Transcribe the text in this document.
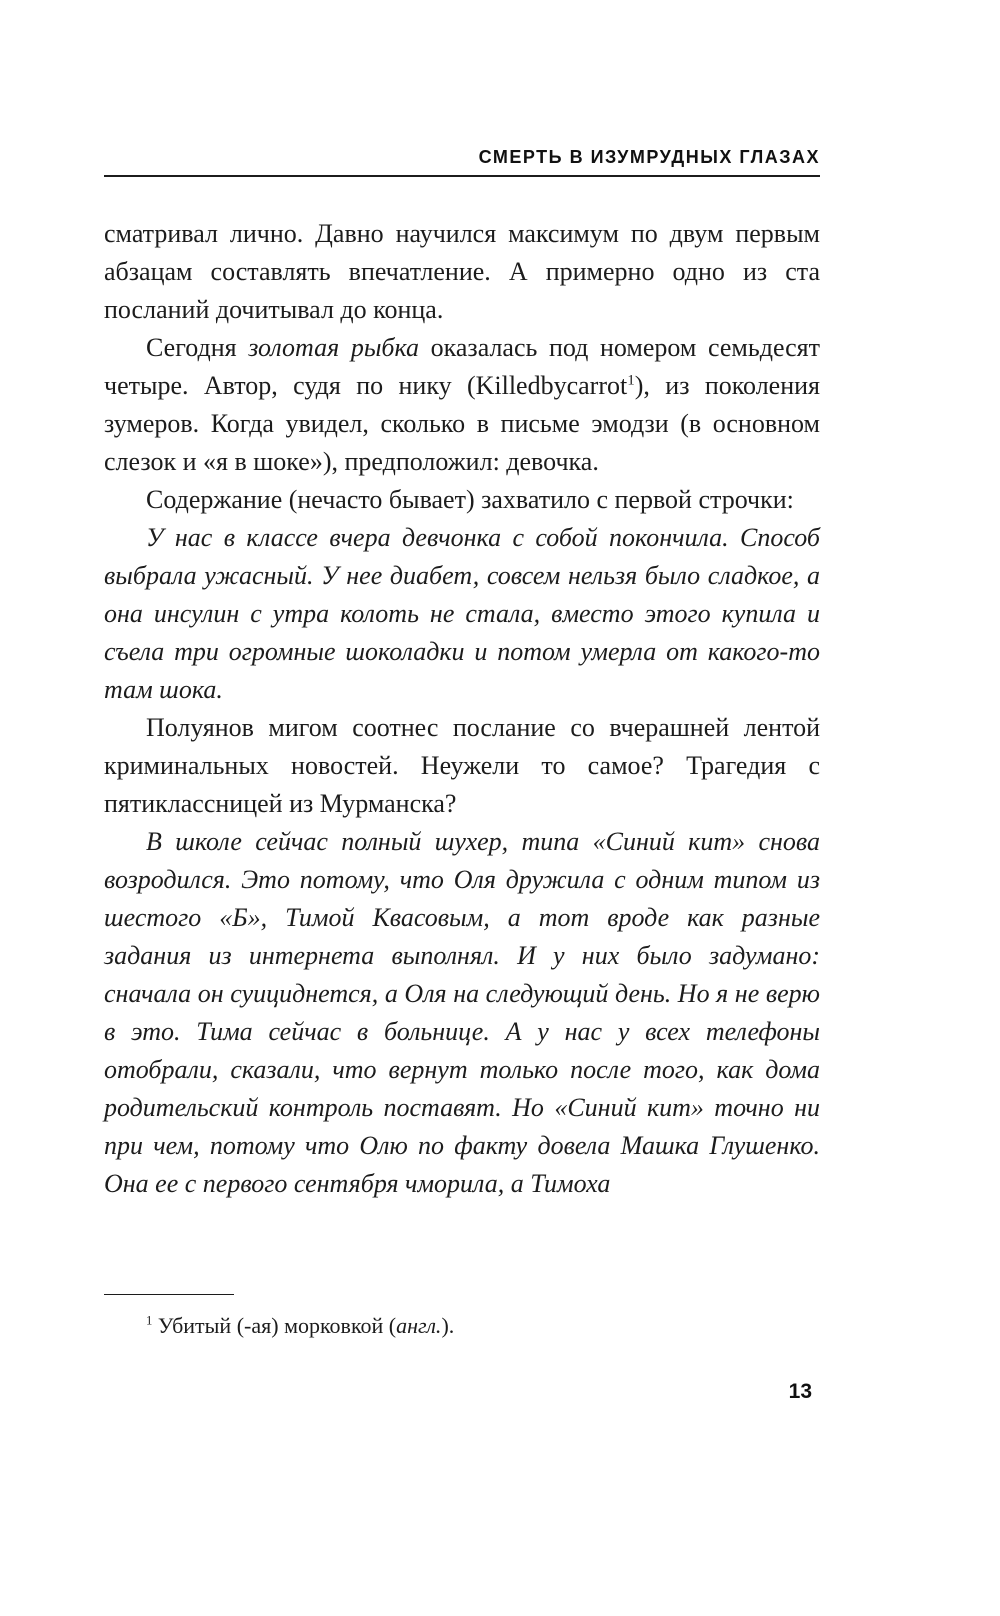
СМЕРТЬ В ИЗУМРУДНЫХ ГЛАЗАХ

сматривал лично. Давно научился максимум по двум первым абзацам составлять впечатление. А примерно одно из ста посланий дочитывал до конца.

Сегодня золотая рыбка оказалась под номером семьдесят четыре. Автор, судя по нику (Killedbycarrot$^1$), из поколения зумеров. Когда увидел, сколько в письме эмодзи (в основном слезок и «я в шоке»), предположил: девочка.

Содержание (нечасто бывает) захватило с первой строчки:

У нас в классе вчера девчонка с собой покончила. Способ выбрала ужасный. У нее диабет, совсем нельзя было сладкое, а она инсулин с утра колоть не стала, вместо этого купила и съела три огромные шоколадки и потом умерла от какого-то там шока.

Полуянов мигом соотнес послание со вчерашней лентой криминальных новостей. Неужели то самое? Трагедия с пятиклассницей из Мурманска?

В школе сейчас полный шухер, типа «Синий кит» снова возродился. Это потому, что Оля дружила с одним типом из шестого «Б», Тимой Квасовым, а тот вроде как разные задания из интернета выполнял. И у них было задумано: сначала он суициднется, а Оля на следующий день. Но я не верю в это. Тима сейчас в больнице. А у нас у всех телефоны отобрали, сказали, что вернут только после того, как дома родительский контроль поставят. Но «Синий кит» точно ни при чем, потому что Олю по факту довела Машка Глушенко. Она ее с первого сентября чморила, а Тимоха

$^1$ Убитый (-ая) морковкой (англ.).

13
